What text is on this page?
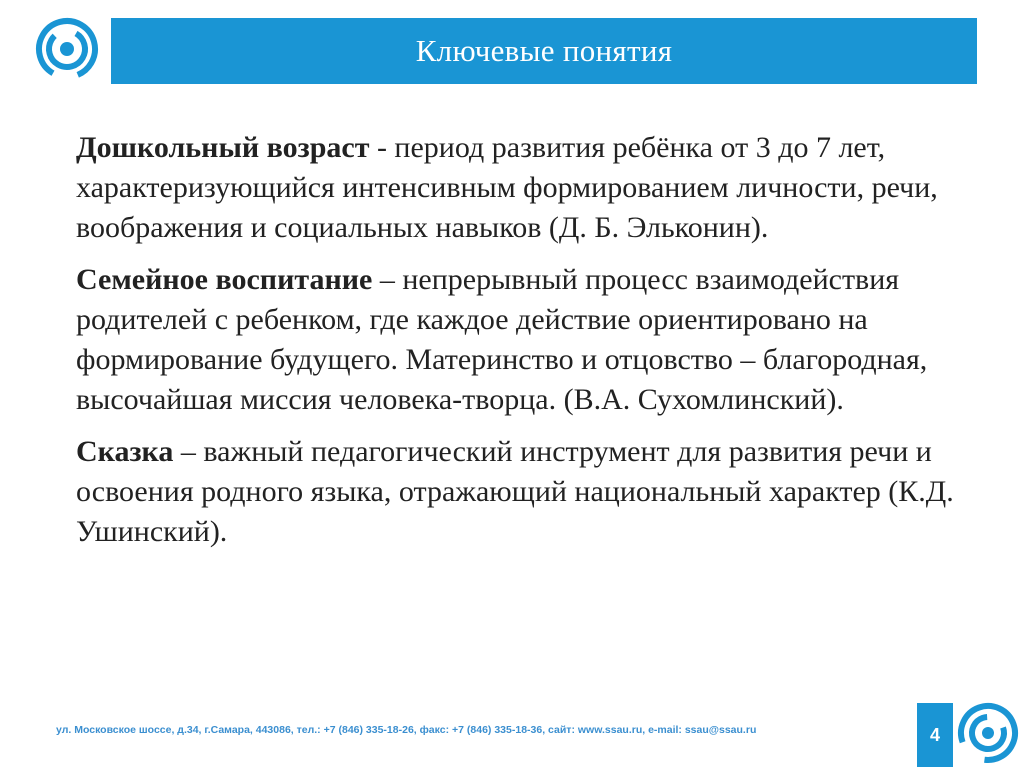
Ключевые понятия

Дошкольный возраст - период развития ребёнка от 3 до 7 лет, характеризующийся интенсивным формированием личности, речи, воображения и социальных навыков (Д. Б. Эльконин).

Семейное воспитание – непрерывный процесс взаимодействия родителей с ребенком, где каждое действие ориентировано на формирование будущего. Материнство и отцовство – благородная, высочайшая миссия человека-творца. (В.А. Сухомлинский).

Сказка – важный педагогический инструмент для развития речи и освоения родного языка, отражающий национальный характер (К.Д. Ушинский).

ул. Московское шоссе, д.34, г.Самара, 443086, тел.: +7 (846) 335-18-26, факс: +7 (846) 335-18-36, сайт: www.ssau.ru, e-mail: ssau@ssau.ru	4
